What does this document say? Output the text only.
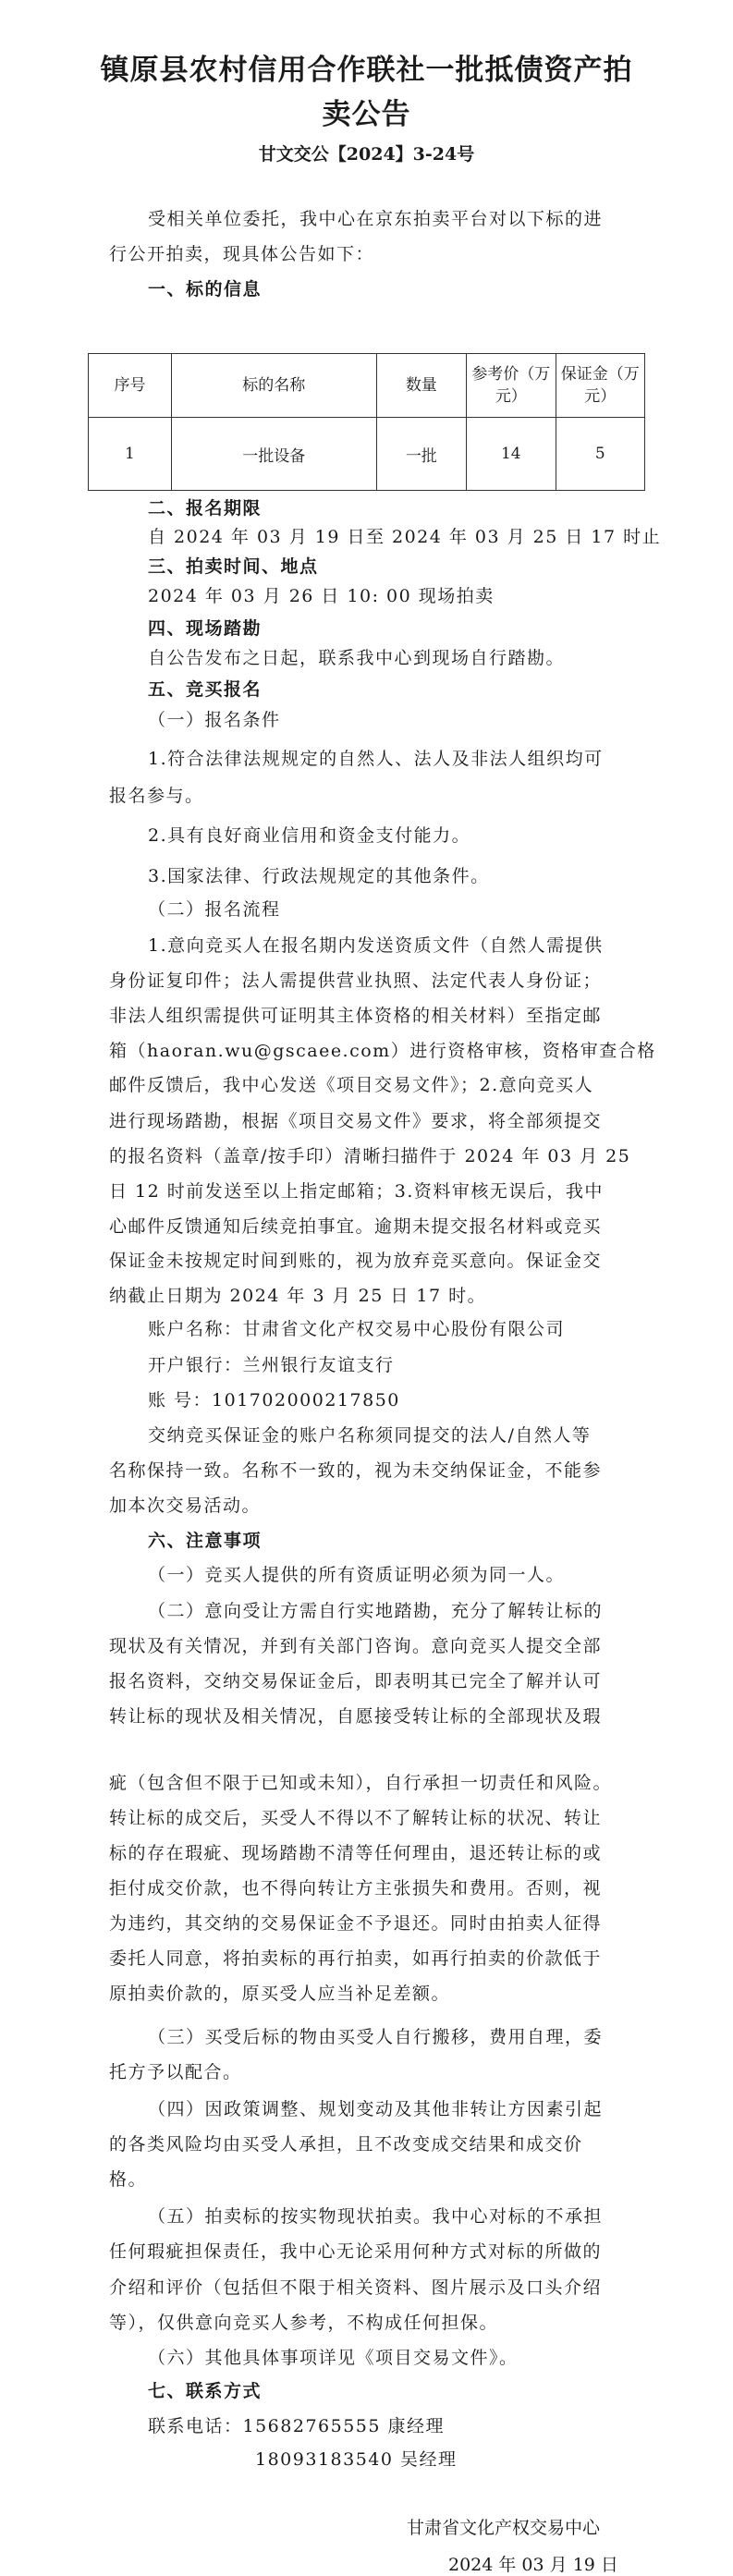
镇原县农村信用合作联社一批抵债资产拍卖公告
甘文交公【2024】3-24号
受相关单位委托，我中心在京东拍卖平台对以下标的进
行公开拍卖，现具体公告如下：
一、标的信息
序号	标的名称	数量	参考价（万元）	保证金（万元）
1	一批设备	一批	14	5
二、报名期限
自 2024 年 03 月 19 日至 2024 年 03 月 25 日 17 时止
三、拍卖时间、地点
2024 年 03 月 26 日 10: 00 现场拍卖
四、现场踏勘
自公告发布之日起，联系我中心到现场自行踏勘。
五、竞买报名
（一）报名条件
1.符合法律法规规定的自然人、法人及非法人组织均可
报名参与。
2.具有良好商业信用和资金支付能力。
3.国家法律、行政法规规定的其他条件。
（二）报名流程
1.意向竞买人在报名期内发送资质文件（自然人需提供
身份证复印件；法人需提供营业执照、法定代表人身份证；
非法人组织需提供可证明其主体资格的相关材料）至指定邮
箱（haoran.wu@gscaee.com）进行资格审核，资格审查合格
邮件反馈后，我中心发送《项目交易文件》；2.意向竞买人
进行现场踏勘，根据《项目交易文件》要求，将全部须提交
的报名资料（盖章/按手印）清晰扫描件于 2024 年 03 月 25
日 12 时前发送至以上指定邮箱；3.资料审核无误后，我中
心邮件反馈通知后续竞拍事宜。逾期未提交报名材料或竞买
保证金未按规定时间到账的，视为放弃竞买意向。保证金交
纳截止日期为 2024 年 3 月 25 日 17 时。
账户名称：甘肃省文化产权交易中心股份有限公司
开户银行：兰州银行友谊支行
账 号：101702000217850
交纳竞买保证金的账户名称须同提交的法人/自然人等
名称保持一致。名称不一致的，视为未交纳保证金，不能参
加本次交易活动。
六、注意事项
（一）竞买人提供的所有资质证明必须为同一人。
（二）意向受让方需自行实地踏勘，充分了解转让标的
现状及有关情况，并到有关部门咨询。意向竞买人提交全部
报名资料，交纳交易保证金后，即表明其已完全了解并认可
转让标的现状及相关情况，自愿接受转让标的全部现状及瑕
疵（包含但不限于已知或未知），自行承担一切责任和风险。
转让标的成交后，买受人不得以不了解转让标的状况、转让
标的存在瑕疵、现场踏勘不清等任何理由，退还转让标的或
拒付成交价款，也不得向转让方主张损失和费用。否则，视
为违约，其交纳的交易保证金不予退还。同时由拍卖人征得
委托人同意，将拍卖标的再行拍卖，如再行拍卖的价款低于
原拍卖价款的，原买受人应当补足差额。
（三）买受后标的物由买受人自行搬移，费用自理，委
托方予以配合。
（四）因政策调整、规划变动及其他非转让方因素引起
的各类风险均由买受人承担，且不改变成交结果和成交价
格。
（五）拍卖标的按实物现状拍卖。我中心对标的不承担
任何瑕疵担保责任，我中心无论采用何种方式对标的所做的
介绍和评价（包括但不限于相关资料、图片展示及口头介绍
等），仅供意向竞买人参考，不构成任何担保。
（六）其他具体事项详见《项目交易文件》。
七、联系方式
联系电话：15682765555 康经理
18093183540 吴经理
甘肃省文化产权交易中心
2024 年 03 月 19 日
